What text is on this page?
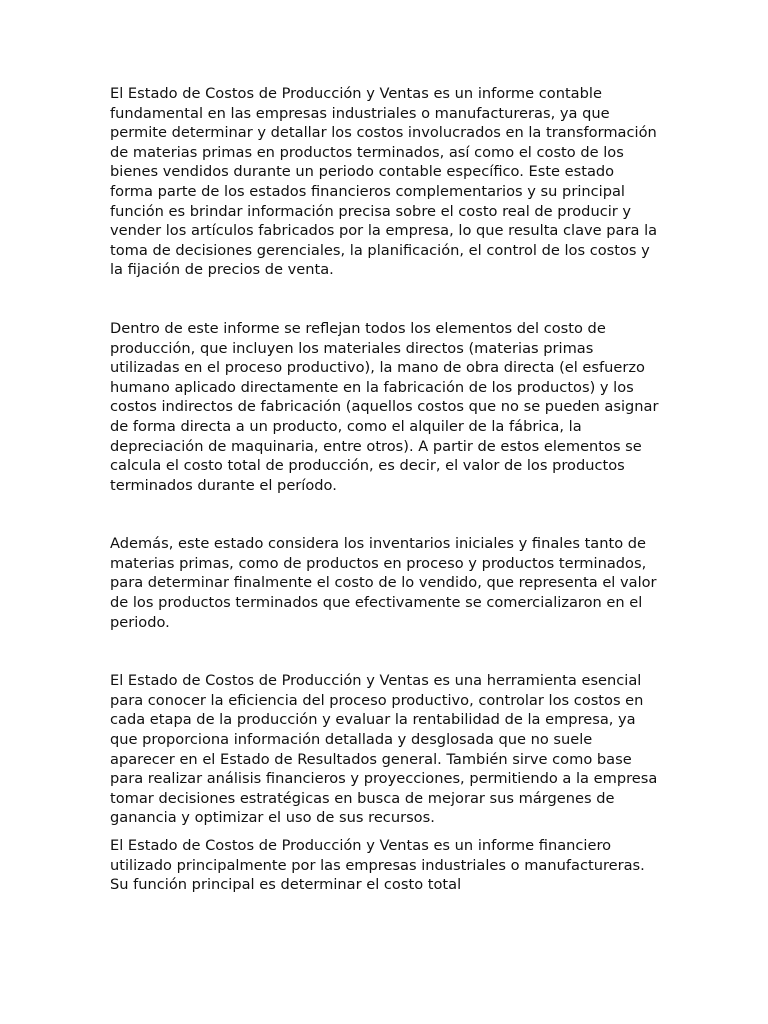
El Estado de Costos de Producción y Ventas es un informe contable fundamental en las empresas industriales o manufactureras, ya que permite determinar y detallar los costos involucrados en la transformación de materias primas en productos terminados, así como el costo de los bienes vendidos durante un periodo contable específico. Este estado forma parte de los estados financieros complementarios y su principal función es brindar información precisa sobre el costo real de producir y vender los artículos fabricados por la empresa, lo que resulta clave para la toma de decisiones gerenciales, la planificación, el control de los costos y la fijación de precios de venta.

Dentro de este informe se reflejan todos los elementos del costo de producción, que incluyen los materiales directos (materias primas utilizadas en el proceso productivo), la mano de obra directa (el esfuerzo humano aplicado directamente en la fabricación de los productos) y los costos indirectos de fabricación (aquellos costos que no se pueden asignar de forma directa a un producto, como el alquiler de la fábrica, la depreciación de maquinaria, entre otros). A partir de estos elementos se calcula el costo total de producción, es decir, el valor de los productos terminados durante el período.

Además, este estado considera los inventarios iniciales y finales tanto de materias primas, como de productos en proceso y productos terminados, para determinar finalmente el costo de lo vendido, que representa el valor de los productos terminados que efectivamente se comercializaron en el periodo.

El Estado de Costos de Producción y Ventas es una herramienta esencial para conocer la eficiencia del proceso productivo, controlar los costos en cada etapa de la producción y evaluar la rentabilidad de la empresa, ya que proporciona información detallada y desglosada que no suele aparecer en el Estado de Resultados general. También sirve como base para realizar análisis financieros y proyecciones, permitiendo a la empresa tomar decisiones estratégicas en busca de mejorar sus márgenes de ganancia y optimizar el uso de sus recursos.

El Estado de Costos de Producción y Ventas es un informe financiero utilizado principalmente por las empresas industriales o manufactureras. Su función principal es determinar el costo total
